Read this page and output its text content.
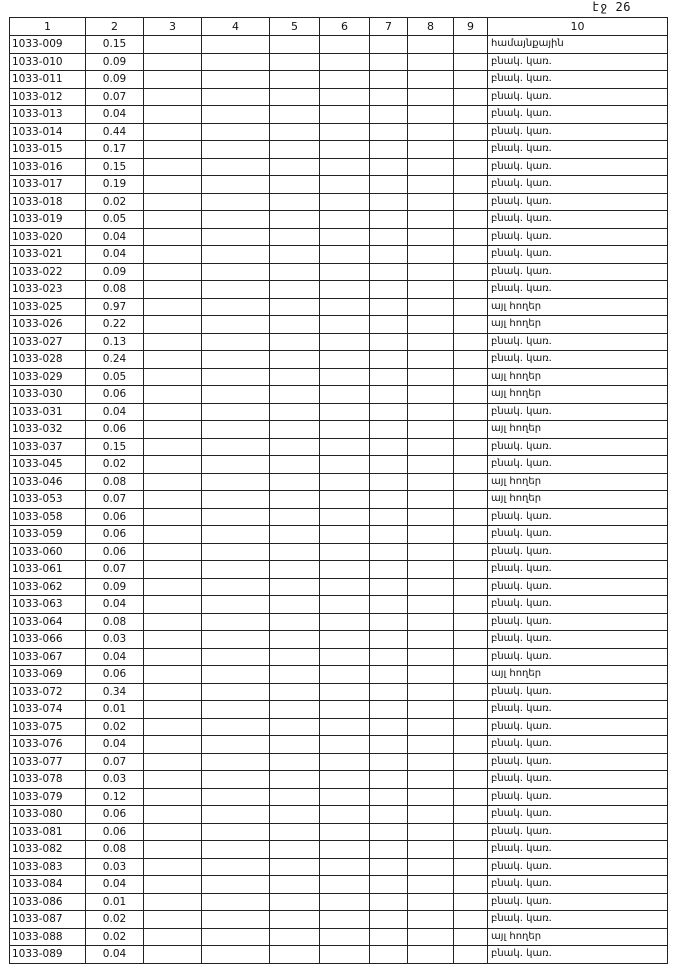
էջ 26
1	2	3	4	5	6	7	8	9	10
1033-009	0.15								համայնքային
1033-010	0.09								բնակ. կառ.
1033-011	0.09								բնակ. կառ.
1033-012	0.07								բնակ. կառ.
1033-013	0.04								բնակ. կառ.
1033-014	0.44								բնակ. կառ.
1033-015	0.17								բնակ. կառ.
1033-016	0.15								բնակ. կառ.
1033-017	0.19								բնակ. կառ.
1033-018	0.02								բնակ. կառ.
1033-019	0.05								բնակ. կառ.
1033-020	0.04								բնակ. կառ.
1033-021	0.04								բնակ. կառ.
1033-022	0.09								բնակ. կառ.
1033-023	0.08								բնակ. կառ.
1033-025	0.97								այլ հողեր
1033-026	0.22								այլ հողեր
1033-027	0.13								բնակ. կառ.
1033-028	0.24								բնակ. կառ.
1033-029	0.05								այլ հողեր
1033-030	0.06								այլ հողեր
1033-031	0.04								բնակ. կառ.
1033-032	0.06								այլ հողեր
1033-037	0.15								բնակ. կառ.
1033-045	0.02								բնակ. կառ.
1033-046	0.08								այլ հողեր
1033-053	0.07								այլ հողեր
1033-058	0.06								բնակ. կառ.
1033-059	0.06								բնակ. կառ.
1033-060	0.06								բնակ. կառ.
1033-061	0.07								բնակ. կառ.
1033-062	0.09								բնակ. կառ.
1033-063	0.04								բնակ. կառ.
1033-064	0.08								բնակ. կառ.
1033-066	0.03								բնակ. կառ.
1033-067	0.04								բնակ. կառ.
1033-069	0.06								այլ հողեր
1033-072	0.34								բնակ. կառ.
1033-074	0.01								բնակ. կառ.
1033-075	0.02								բնակ. կառ.
1033-076	0.04								բնակ. կառ.
1033-077	0.07								բնակ. կառ.
1033-078	0.03								բնակ. կառ.
1033-079	0.12								բնակ. կառ.
1033-080	0.06								բնակ. կառ.
1033-081	0.06								բնակ. կառ.
1033-082	0.08								բնակ. կառ.
1033-083	0.03								բնակ. կառ.
1033-084	0.04								բնակ. կառ.
1033-086	0.01								բնակ. կառ.
1033-087	0.02								բնակ. կառ.
1033-088	0.02								այլ հողեր
1033-089	0.04								բնակ. կառ.
